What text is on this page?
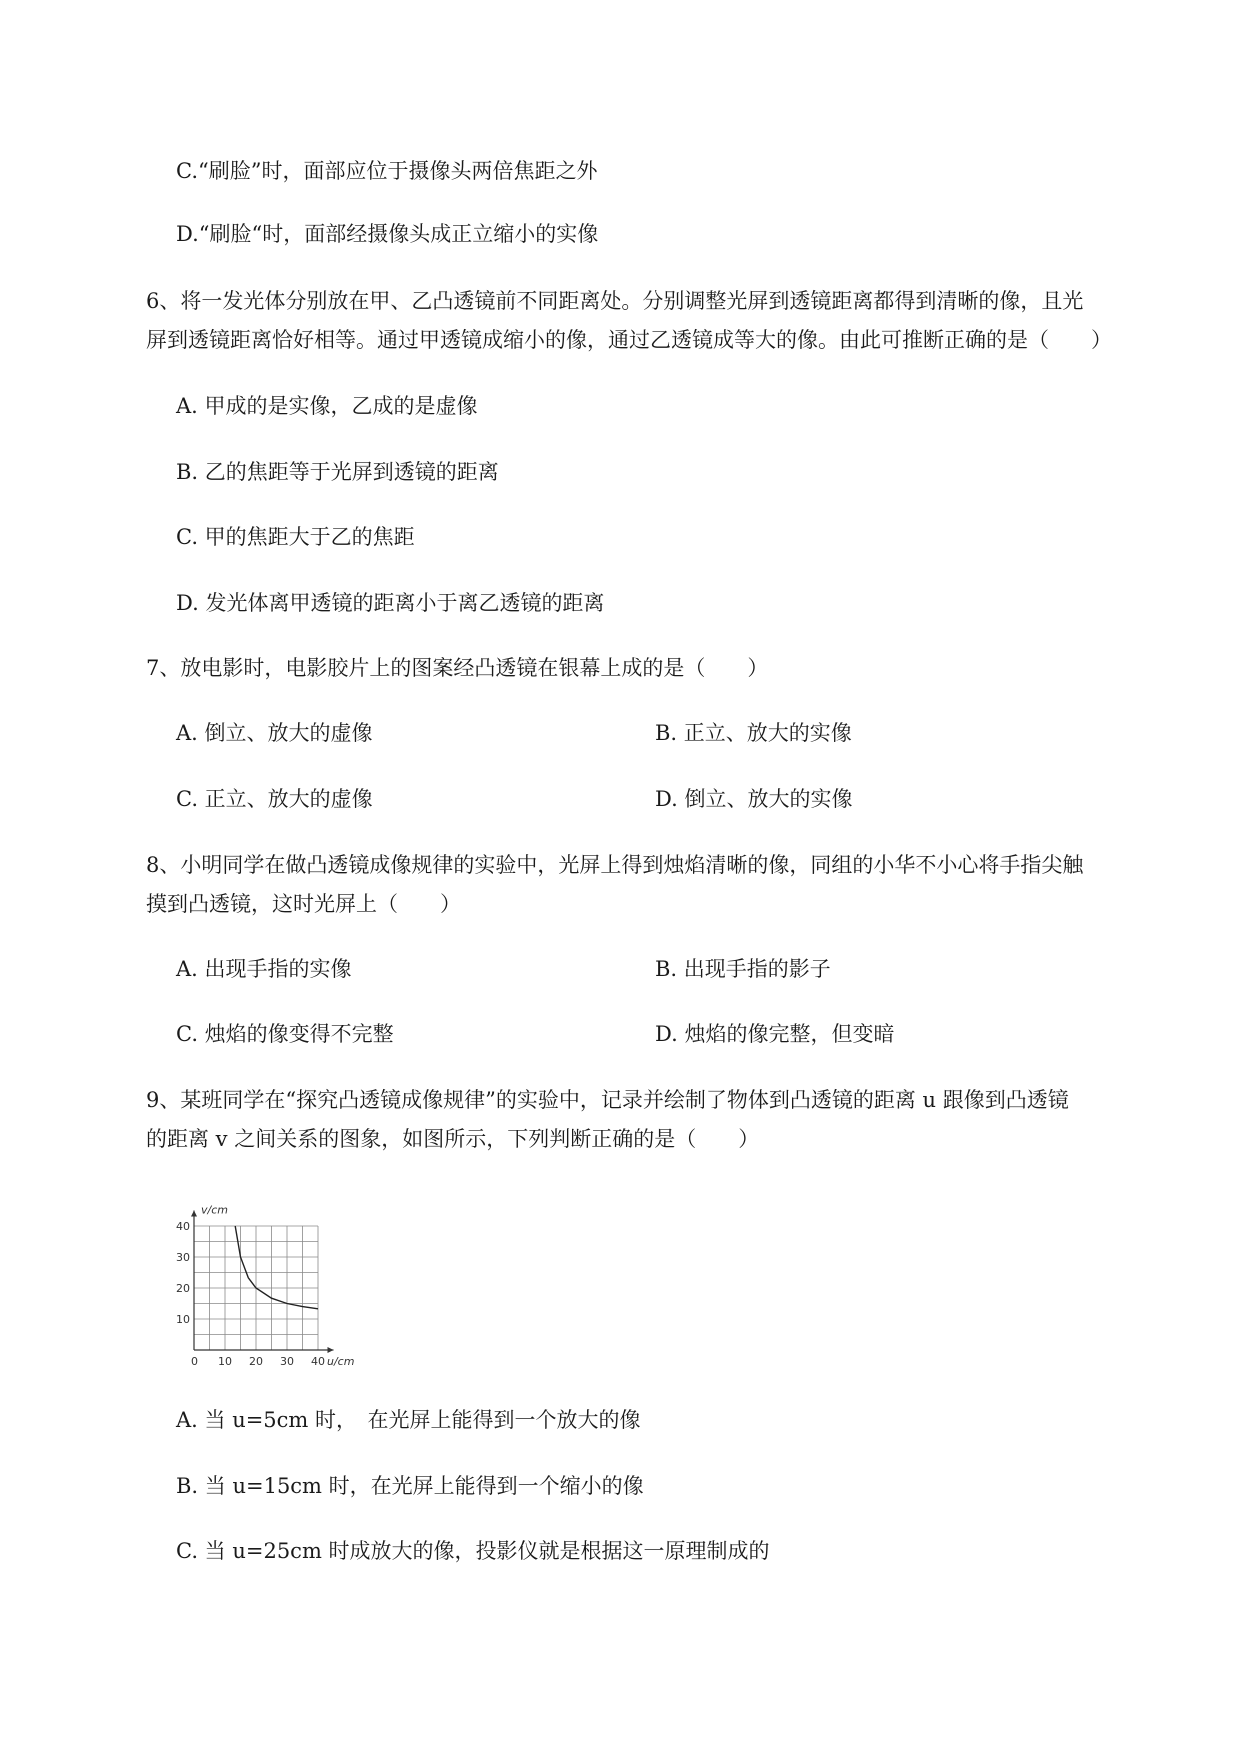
C.“刷脸”时，面部应位于摄像头两倍焦距之外
D.“刷脸“时，面部经摄像头成正立缩小的实像
6、将一发光体分别放在甲、乙凸透镜前不同距离处。分别调整光屏到透镜距离都得到清晰的像，且光
屏到透镜距离恰好相等。通过甲透镜成缩小的像，通过乙透镜成等大的像。由此可推断正确的是（　　）
A. 甲成的是实像，乙成的是虚像
B. 乙的焦距等于光屏到透镜的距离
C. 甲的焦距大于乙的焦距
D. 发光体离甲透镜的距离小于离乙透镜的距离
7、放电影时，电影胶片上的图案经凸透镜在银幕上成的是（　　）
A. 倒立、放大的虚像	B. 正立、放大的实像
C. 正立、放大的虚像	D. 倒立、放大的实像
8、小明同学在做凸透镜成像规律的实验中，光屏上得到烛焰清晰的像，同组的小华不小心将手指尖触
摸到凸透镜，这时光屏上（　　）
A. 出现手指的实像	B. 出现手指的影子
C. 烛焰的像变得不完整	D. 烛焰的像完整，但变暗
9、某班同学在“探究凸透镜成像规律”的实验中，记录并绘制了物体到凸透镜的距离 u 跟像到凸透镜
的距离 v 之间关系的图象，如图所示，下列判断正确的是（　　）
0 10 20 30 40
10
20
30
40
u/cm
v/cm
A. 当 u=5cm 时，　在光屏上能得到一个放大的像
B. 当 u=15cm 时，在光屏上能得到一个缩小的像
C. 当 u=25cm 时成放大的像，投影仪就是根据这一原理制成的
